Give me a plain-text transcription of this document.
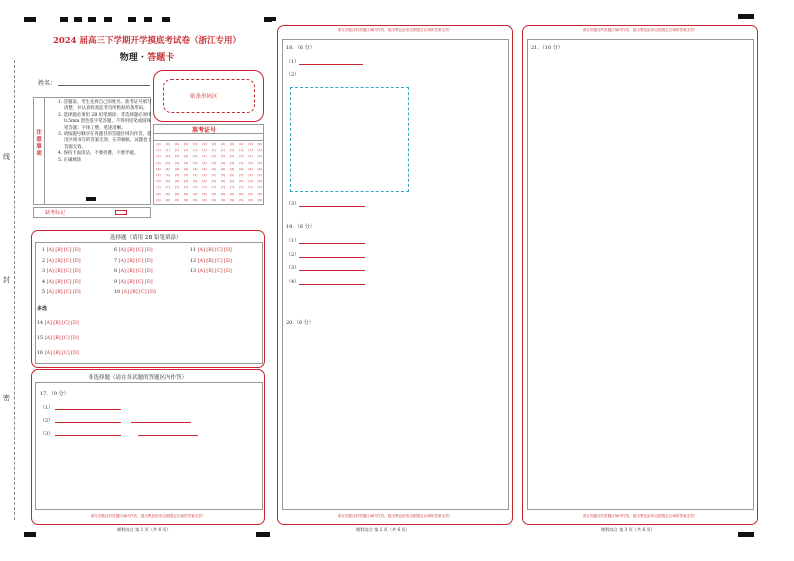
线
封
密
2024 届高三下学期开学摸底考试卷（浙江专用）
物理 · 答题卡
姓名：
贴条形码区
注意事项
1. 答题前，考生先将自己的姓名、准考证号填写清楚，并认真检查监考员所粘贴的条形码。
2. 选择题必须用 2B 铅笔填涂；非选择题必须用 0.5mm 黑色签字笔答题，不得用铅笔或圆珠笔答题；字体工整、笔迹清晰。
3. 请按题号顺序在各题目的答题区域内作答，超出区域书写的答案无效；在草稿纸、试题卷上答题无效。
4. 保持卡面清洁，不要折叠、不要弄破。
5. 正确填涂
准考证号
[0]	[0]	[0]	[0]	[0]	[0]	[0]	[0]	[0]	[0]	[0]	[0]
[1]	[1]	[1]	[1]	[1]	[1]	[1]	[1]	[1]	[1]	[1]	[1]
[2]	[2]	[2]	[2]	[2]	[2]	[2]	[2]	[2]	[2]	[2]	[2]
[3]	[3]	[3]	[3]	[3]	[3]	[3]	[3]	[3]	[3]	[3]	[3]
[4]	[4]	[4]	[4]	[4]	[4]	[4]	[4]	[4]	[4]	[4]	[4]
[5]	[5]	[5]	[5]	[5]	[5]	[5]	[5]	[5]	[5]	[5]	[5]
[6]	[6]	[6]	[6]	[6]	[6]	[6]	[6]	[6]	[6]	[6]	[6]
[7]	[7]	[7]	[7]	[7]	[7]	[7]	[7]	[7]	[7]	[7]	[7]
[8]	[8]	[8]	[8]	[8]	[8]	[8]	[8]	[8]	[8]	[8]	[8]
[9]	[9]	[9]	[9]	[9]	[9]	[9]	[9]	[9]	[9]	[9]	[9]
缺考标记
选择题（请用 2B 铅笔填涂）
1 [A] [B] [C] [D]
2 [A] [B] [C] [D]
3 [A] [B] [C] [D]
4 [A] [B] [C] [D]
5 [A] [B] [C] [D]
6 [A] [B] [C] [D]
7 [A] [B] [C] [D]
8 [A] [B] [C] [D]
9 [A] [B] [C] [D]
10 [A] [B] [C] [D]
11 [A] [B] [C] [D]
12 [A] [B] [C] [D]
13 [A] [B] [C] [D]
14 [A] [B] [C] [D]
15 [A] [B] [C] [D]
16 [A] [B] [C] [D]
多选
非选择题（请在各试题的答题区内作答）
17．（9 分）
（1）
（2）
（3）
请在各题目的答题区域内作答，超出黑色矩形边框限定区域的答案无效！
理科综合 第 1 页（共 6 页）
请在各题目的答题区域内作答，超出黑色矩形边框限定区域的答案无效！
18．（6 分）
（1）
（2）
（3）
19．（6 分）
（1）
（2）
（3）
（4）
20.（6 分）
请在各题目的答题区域内作答，超出黑色矩形边框限定区域的答案无效！
理科综合 第 2 页（共 6 页）
请在各题目的答题区域内作答，超出黑色矩形边框限定区域的答案无效！
21．（10 分）
请在各题目的答题区域内作答，超出黑色矩形边框限定区域的答案无效！
理科综合 第 3 页（共 6 页）
